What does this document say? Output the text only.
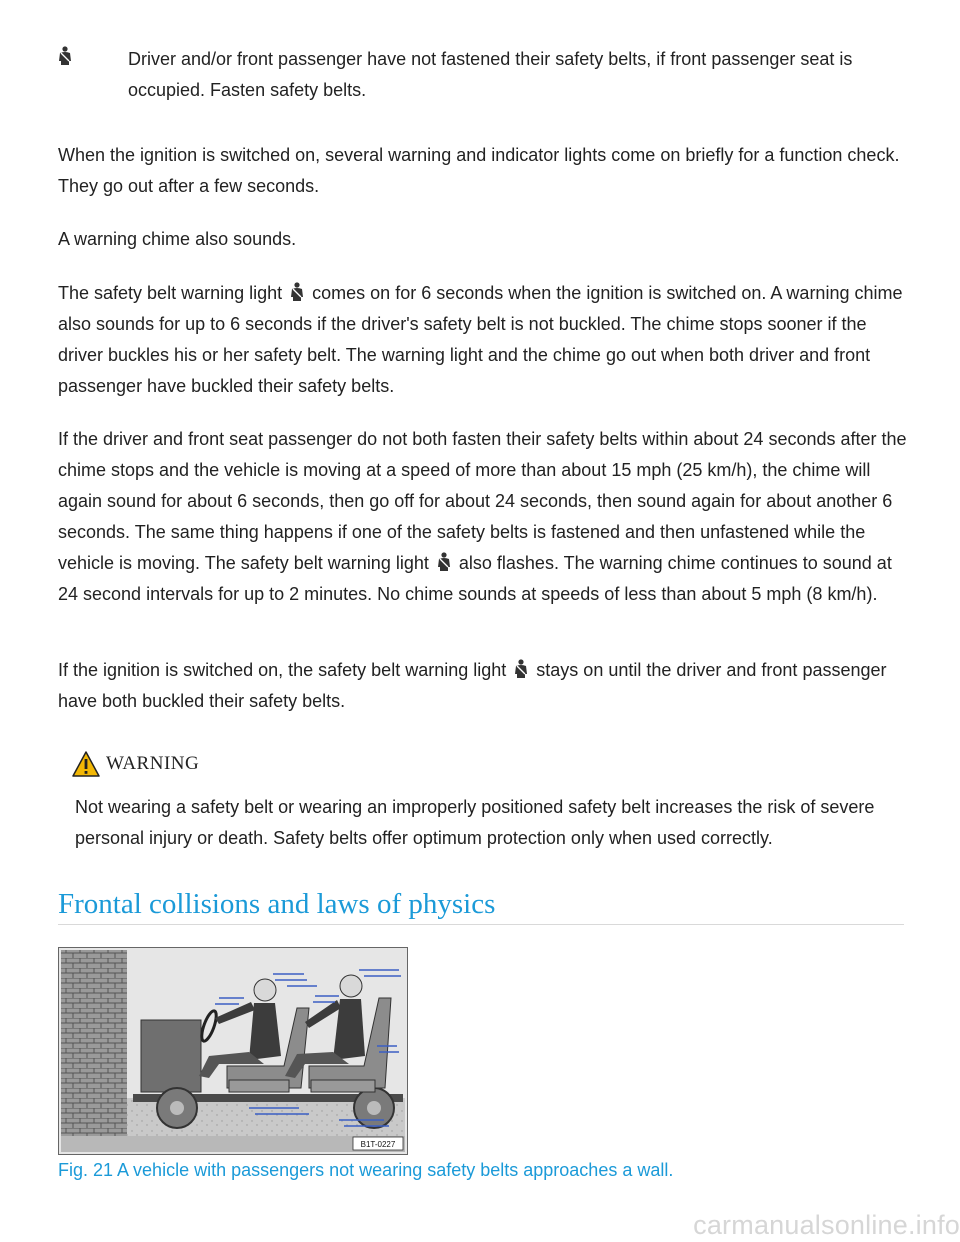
Driver and/or front passenger have not fastened their safety belts, if front passenger seat is occupied. Fasten safety belts.

When the ignition is switched on, several warning and indicator lights come on briefly for a function check. They go out after a few seconds.

A warning chime also sounds.

The safety belt warning light comes on for 6 seconds when the ignition is switched on. A warning chime also sounds for up to 6 seconds if the driver's safety belt is not buckled. The chime stops sooner if the driver buckles his or her safety belt. The warning light and the chime go out when both driver and front passenger have buckled their safety belts.

If the driver and front seat passenger do not both fasten their safety belts within about 24 seconds after the chime stops and the vehicle is moving at a speed of more than about 15 mph (25 km/h), the chime will again sound for about 6 seconds, then go off for about 24 seconds, then sound again for about another 6 seconds. The same thing happens if one of the safety belts is fastened and then unfastened while the vehicle is moving. The safety belt warning light also flashes. The warning chime continues to sound at 24 second intervals for up to 2 minutes. No chime sounds at speeds of less than about 5 mph (8 km/h).

If the ignition is switched on, the safety belt warning light stays on until the driver and front passenger have both buckled their safety belts.

WARNING

Not wearing a safety belt or wearing an improperly positioned safety belt increases the risk of severe personal injury or death. Safety belts offer optimum protection only when used correctly.

Frontal collisions and laws of physics
B1T-0227

Fig. 21 A vehicle with passengers not wearing safety belts approaches a wall.

carmanualsonline.info
